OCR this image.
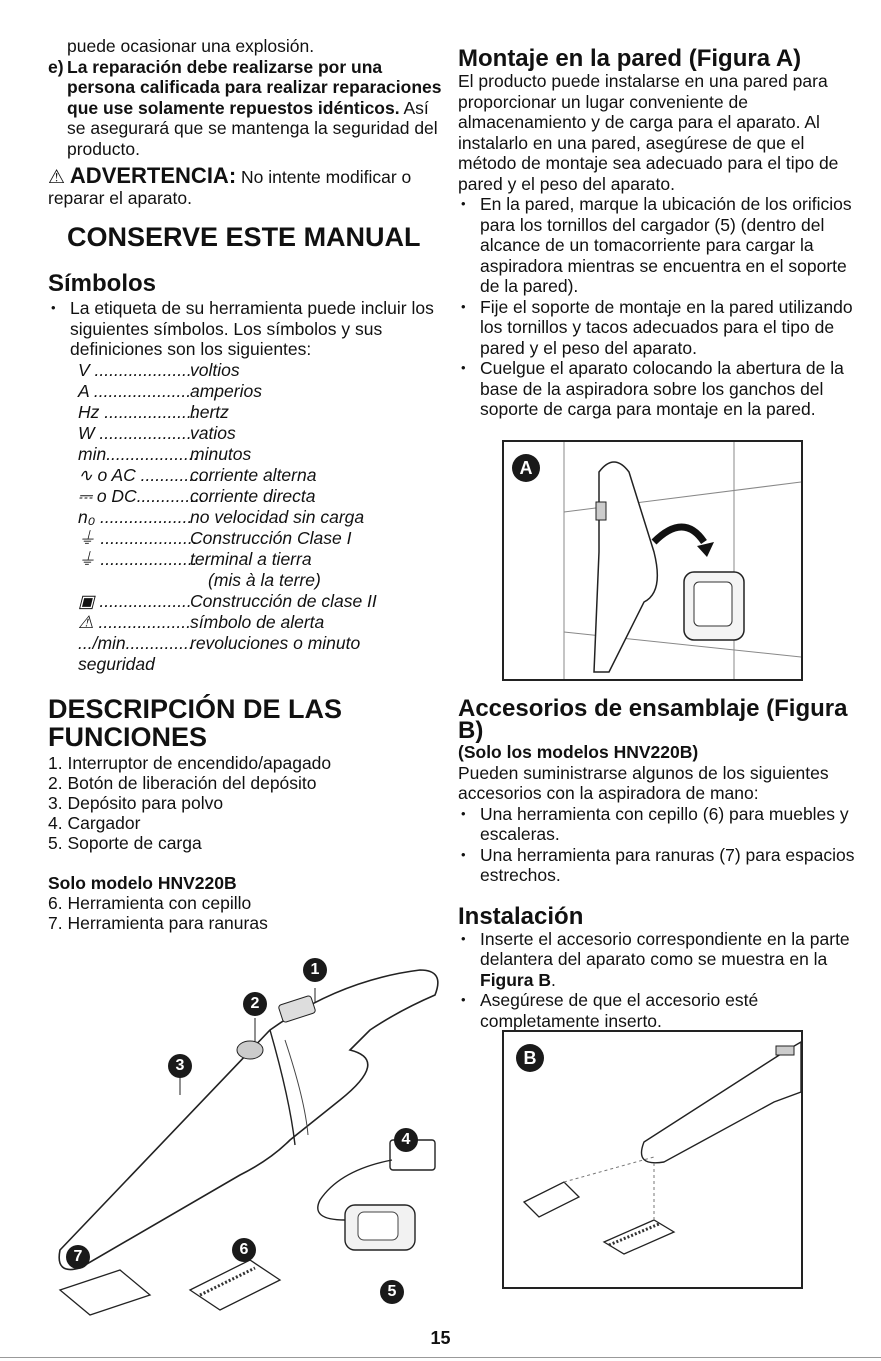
puede ocasionar una explosión.

e) La reparación debe realizarse por una persona calificada para realizar reparaciones que use solamente repuestos idénticos. Así se asegurará que se mantenga la seguridad del producto.
⚠ ADVERTENCIA: No intente modificar o reparar el aparato.
CONSERVE ESTE MANUAL
Símbolos

• La etiqueta de su herramienta puede incluir los siguientes símbolos. Los símbolos y sus definiciones son los siguientes:

V ....................voltios
A ....................amperios
Hz ...................hertz
W ....................vatios
min...................minutos
∿ o AC ..............corriente alterna
⎓ o DC..............corriente directa
n₀ ...................no velocidad sin carga
⏚ ....................Construcción Clase I
⏚ ....................terminal a tierra
(mis à la terre)
▣ ...................Construcción de clase II
⚠ ...................símbolo de alerta
.../min..............revoluciones o minuto
seguridad
DESCRIPCIÓN DE LAS FUNCIONES

1. Interruptor de encendido/apagado

2. Botón de liberación del depósito

3. Depósito para polvo

4. Cargador

5. Soporte de carga

Solo modelo HNV220B

6. Herramienta con cepillo

7. Herramienta para ranuras

1
2
3
4
5
6
7
Montaje en la pared (Figura A)

El producto puede instalarse en una pared para proporcionar un lugar conveniente de almacenamiento y de carga para el aparato. Al instalarlo en una pared, asegúrese de que el método de montaje sea adecuado para el tipo de pared y el peso del aparato.

• En la pared, marque la ubicación de los orificios para los tornillos del cargador (5) (dentro del alcance de un tomacorriente para cargar la aspiradora mientras se encuentra en el soporte de la pared).

• Fije el soporte de montaje en la pared utilizando los tornillos y tacos adecuados para el tipo de pared y el peso del aparato.

• Cuelgue el aparato colocando la abertura de la base de la aspiradora sobre los ganchos del soporte de carga para montaje en la pared.

A
Accesorios de ensamblaje (Figura B)

(Solo los modelos HNV220B)

Pueden suministrarse algunos de los siguientes accesorios con la aspiradora de mano:

• Una herramienta con cepillo (6) para muebles y escaleras.

• Una herramienta para ranuras (7) para espacios estrechos.

Instalación

• Inserte el accesorio correspondiente en la parte delantera del aparato como se muestra en la Figura B.

• Asegúrese de que el accesorio esté completamente inserto.

B
15
